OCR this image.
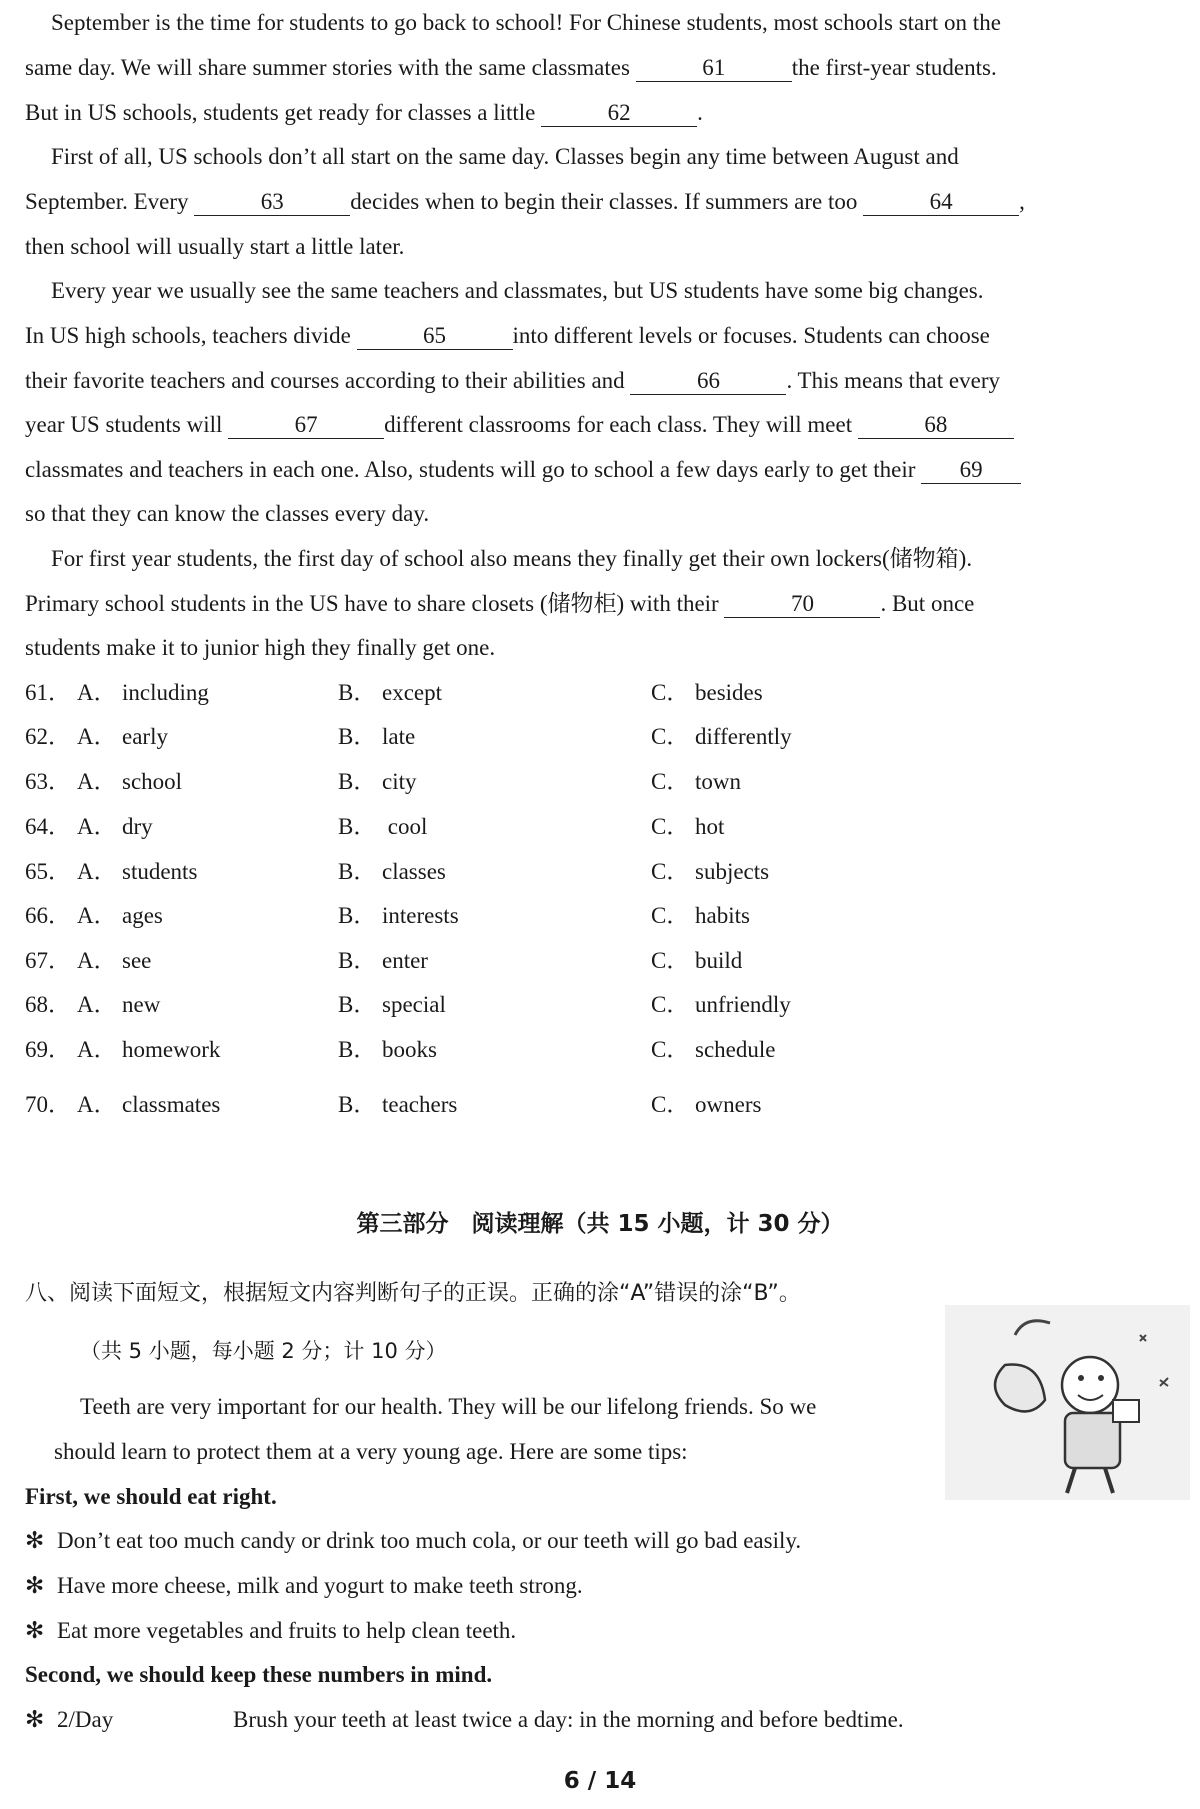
September is the time for students to go back to school! For Chinese students, most schools start on the
same day. We will share summer stories with the same classmates	61	the first-year students.
But in US schools, students get ready for classes a little	62	.
First of all, US schools don’t all start on the same day. Classes begin any time between August and
September. Every	63	decides when to begin their classes. If summers are too	64	,
then school will usually start a little later.
Every year we usually see the same teachers and classmates, but US students have some big changes.
In US high schools, teachers divide	65	into different levels or focuses. Students can choose
their favorite teachers and courses according to their abilities and	66	. This means that every
year US students will	67	different classrooms for each class. They will meet	68
classmates and teachers in each one. Also, students will go to school a few days early to get their 69
so that they can know the classes every day.
For first year students, the first day of school also means they finally get their own lockers(储物箱).
Primary school students in the US have to share closets (储物柜) with their	70	. But once
students make it to junior high they finally get one.
61． A． including	B． except	C． besides
62． A． early	B． late	C． differently
63． A． school	B． city	C． town
64． A． dry	B． cool	C． hot
65． A． students	B． classes	C． subjects
66． A． ages	B． interests	C． habits
67． A． see	B． enter	C． build
68． A． new	B． special	C． unfriendly
69． A． homework	B． books	C． schedule
70． A． classmates	B． teachers	C． owners
第三部分　阅读理解（共 15 小题，计 30 分）
八、阅读下面短文，根据短文内容判断句子的正误。正确的涂“A”错误的涂“B”。
（共 5 小题，每小题 2 分；计 10 分）
Teeth are very important for our health. They will be our lifelong friends. So we
should learn to protect them at a very young age. Here are some tips:
First, we should eat right.
✻ Don’t eat too much candy or drink too much cola, or our teeth will go bad easily.
✻ Have more cheese, milk and yogurt to make teeth strong.
✻ Eat more vegetables and fruits to help clean teeth.
Second, we should keep these numbers in mind.
✻ 2/Day	Brush your teeth at least twice a day: in the morning and before bedtime.
6 / 14
